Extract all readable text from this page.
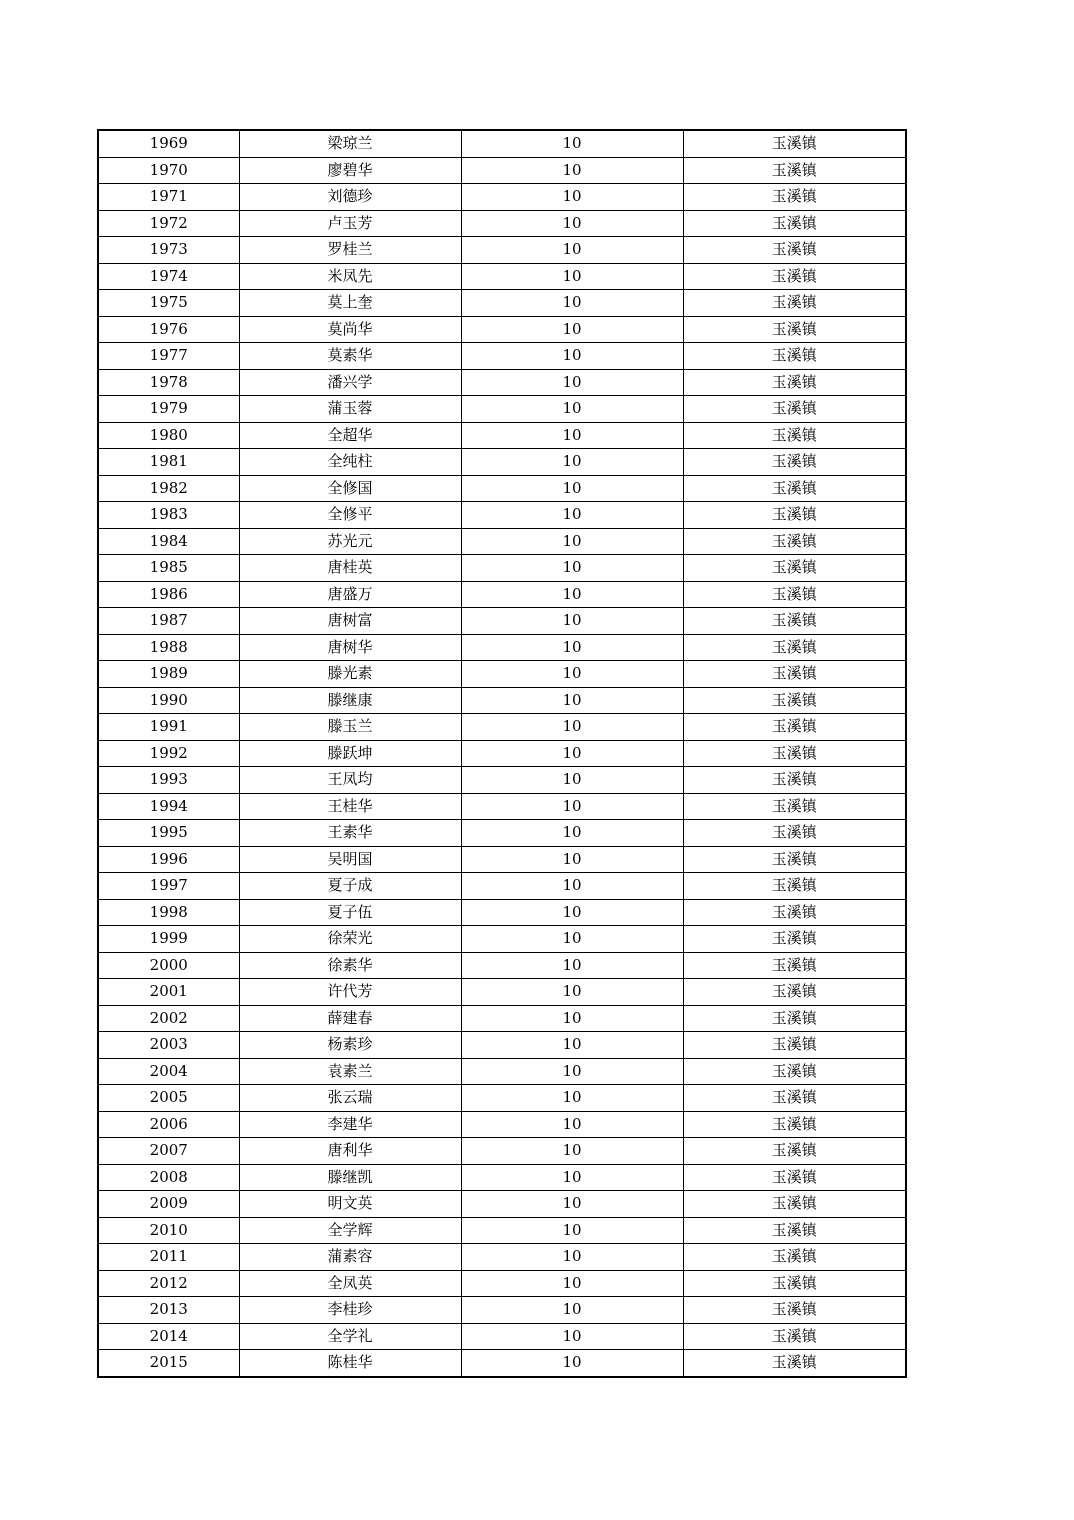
1969	梁琼兰	10	玉溪镇
1970	廖碧华	10	玉溪镇
1971	刘德珍	10	玉溪镇
1972	卢玉芳	10	玉溪镇
1973	罗桂兰	10	玉溪镇
1974	米凤先	10	玉溪镇
1975	莫上奎	10	玉溪镇
1976	莫尚华	10	玉溪镇
1977	莫素华	10	玉溪镇
1978	潘兴学	10	玉溪镇
1979	蒲玉蓉	10	玉溪镇
1980	全超华	10	玉溪镇
1981	全纯柱	10	玉溪镇
1982	全修国	10	玉溪镇
1983	全修平	10	玉溪镇
1984	苏光元	10	玉溪镇
1985	唐桂英	10	玉溪镇
1986	唐盛万	10	玉溪镇
1987	唐树富	10	玉溪镇
1988	唐树华	10	玉溪镇
1989	滕光素	10	玉溪镇
1990	滕继康	10	玉溪镇
1991	滕玉兰	10	玉溪镇
1992	滕跃坤	10	玉溪镇
1993	王凤均	10	玉溪镇
1994	王桂华	10	玉溪镇
1995	王素华	10	玉溪镇
1996	吴明国	10	玉溪镇
1997	夏子成	10	玉溪镇
1998	夏子伍	10	玉溪镇
1999	徐荣光	10	玉溪镇
2000	徐素华	10	玉溪镇
2001	许代芳	10	玉溪镇
2002	薛建春	10	玉溪镇
2003	杨素珍	10	玉溪镇
2004	袁素兰	10	玉溪镇
2005	张云瑞	10	玉溪镇
2006	李建华	10	玉溪镇
2007	唐利华	10	玉溪镇
2008	滕继凯	10	玉溪镇
2009	明文英	10	玉溪镇
2010	全学辉	10	玉溪镇
2011	蒲素容	10	玉溪镇
2012	全凤英	10	玉溪镇
2013	李桂珍	10	玉溪镇
2014	全学礼	10	玉溪镇
2015	陈桂华	10	玉溪镇
